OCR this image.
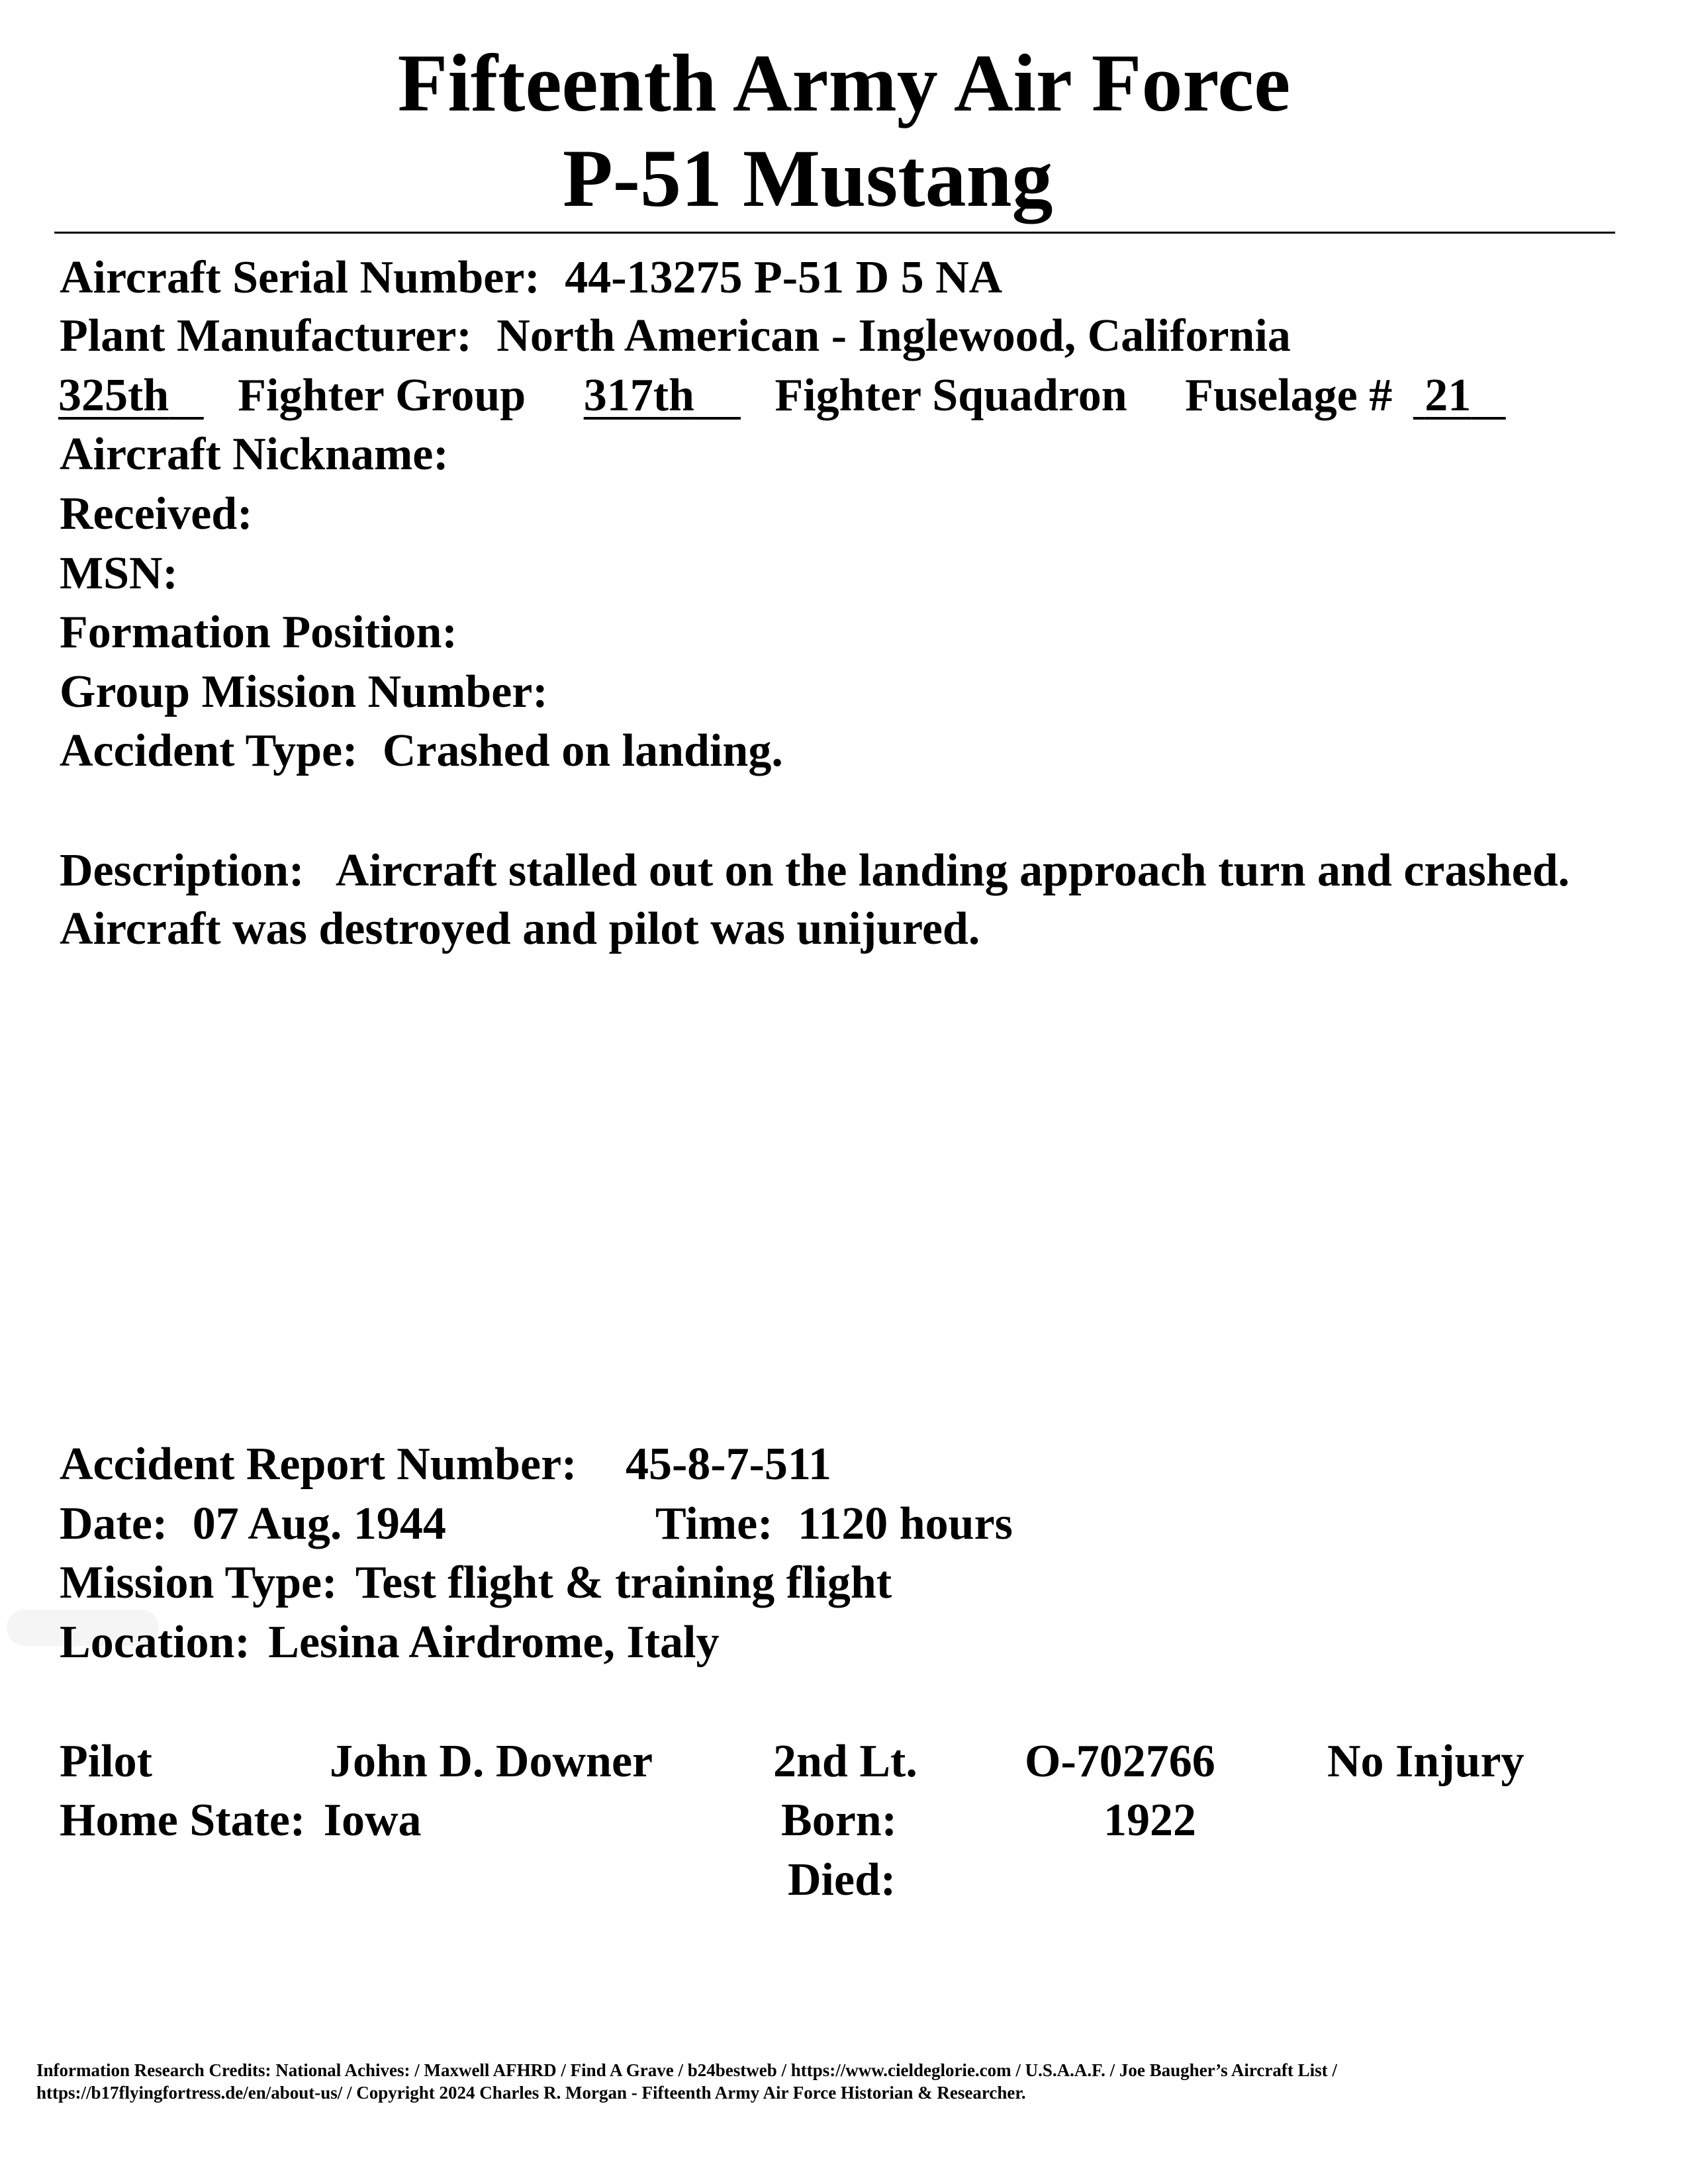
Fifteenth Army Air Force
P-51 Mustang
Aircraft Serial Number: 44-13275 P-51 D 5 NA
Plant Manufacturer: North American - Inglewood, California
325th Fighter Group 317th Fighter Squadron Fuselage # 21
Aircraft Nickname:
Received:
MSN:
Formation Position:
Group Mission Number:
Accident Type: Crashed on landing.
Description: Aircraft stalled out on the landing approach turn and crashed.
Aircraft was destroyed and pilot was unijured.
Accident Report Number: 45-8-7-511
Date: 07 Aug. 1944	Time: 1120 hours
Mission Type: Test flight & training flight
Location: Lesina Airdrome, Italy
Pilot	John D. Downer	2nd Lt. O-702766 No Injury
Home State: Iowa	Born:	1922
Died:
Information Research Credits: National Achives: / Maxwell AFHRD / Find A Grave / b24bestweb / https://www.cieldeglorie.com / U.S.A.A.F. / Joe Baugher’s Aircraft List /
https://b17flyingfortress.de/en/about-us/ / Copyright 2024 Charles R. Morgan - Fifteenth Army Air Force Historian & Researcher.
